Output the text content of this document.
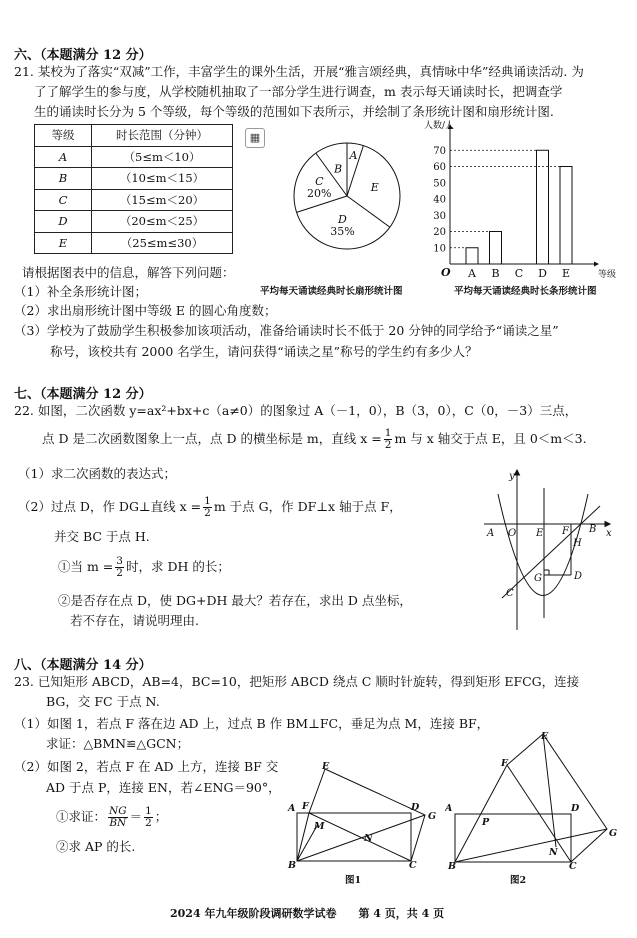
六、（本题满分 12 分）
21. 某校为了落实“双减”工作，丰富学生的课外生活，开展“雅言颂经典，真情咏中华”经典诵读活动. 为
了了解学生的参与度，从学校随机抽取了一部分学生进行调查，m 表示每天诵读时长，把调查学
生的诵读时长分为 5 个等级，每个等级的范围如下表所示，并绘制了条形统计图和扇形统计图.
等级	时长范围（分钟）
A	（5≤m＜10）
B	（10≤m＜15）
C	（15≤m＜20）
D	（20≤m＜25）
E	（25≤m≤30）
▦
C
20%
B
A
E
D
35%
人数/人
等级
O
10
20
30
40
50
60
70
A B C D E
平均每天诵读经典时长扇形统计图	平均每天诵读经典时长条形统计图
请根据图表中的信息，解答下列问题：
（1）补全条形统计图；
（2）求出扇形统计图中等级 E 的圆心角度数；
（3）学校为了鼓励学生积极参加该项活动，准备给诵读时长不低于 20 分钟的同学给予“诵读之星”
称号，该校共有 2000 名学生，请问获得“诵读之星”称号的学生约有多少人？
七、（本题满分 12 分）
22. 如图，二次函数 y=ax²+bx+c（a≠0）的图象过 A（－1，0），B（3，0），C（0，－3）三点，
点 D 是二次函数图象上一点，点 D 的横坐标是 m，直线 $x = \frac{1}{2}$ m 与 x 轴交于点 E，且 0＜m＜3.
（1）求二次函数的表达式；
（2）过点 D，作 DG⊥直线 $x = \frac{1}{2}$ m 于点 G，作 DF⊥x 轴于点 F，
并交 BC 于点 H.
①当 $m = \frac{3}{2}$ 时，求 DH 的长；
②是否存在点 D，使 DG+DH 最大？若存在，求出 D 点坐标，
若不存在，请说明理由.
y
x
A O E F B
H
G	D
C
八、（本题满分 14 分）
23. 已知矩形 ABCD，AB=4，BC=10，把矩形 ABCD 绕点 C 顺时针旋转，得到矩形 EFCG，连接
BG，交 FC 于点 N.
（1）如图 1，若点 F 落在边 AD 上，过点 B 作 BM⊥FC，垂足为点 M，连接 BF，
求证：△BMN≌△GCN；
（2）如图 2，若点 F 在 AD 上方，连接 BF 交
AD 于点 P，连接 EN，若∠ENG＝90°，
①求证： $\frac{NG}{BN} = \frac{1}{2}$ ；
②求 AP 的长.
E
A F	D
G
M
N
B	C
图1
E
F
A
P
D
G
N
B	C
图2
2024 年九年级阶段调研数学试卷　　第 4 页，共 4 页
